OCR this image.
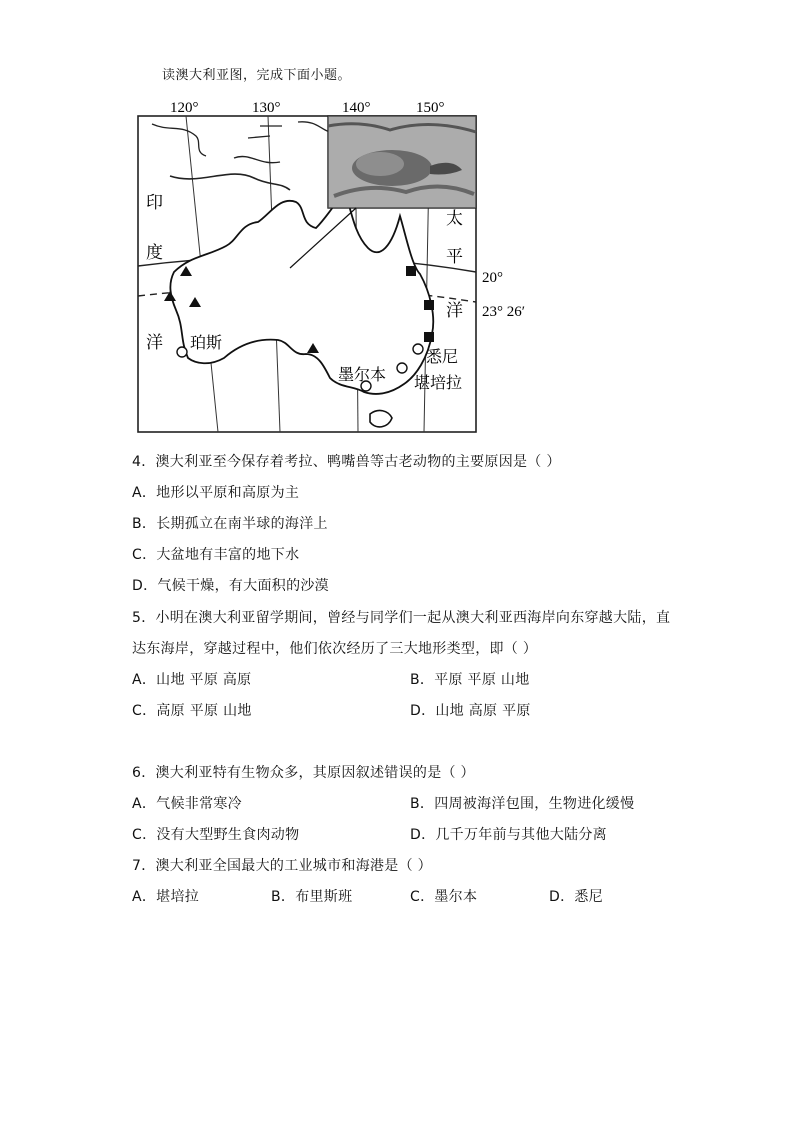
读澳大利亚图，完成下面小题。
120°	130°	140°	150°
印
度
洋
太
平
洋
20°
23° 26′
珀斯
悉尼
堪培拉
墨尔本
4．澳大利亚至今保存着考拉、鸭嘴兽等古老动物的主要原因是（ ）
A．地形以平原和高原为主
B．长期孤立在南半球的海洋上
C．大盆地有丰富的地下水
D．气候干燥，有大面积的沙漠
5．小明在澳大利亚留学期间，曾经与同学们一起从澳大利亚西海岸向东穿越大陆，直
达东海岸，穿越过程中，他们依次经历了三大地形类型，即（ ）
A．山地 平原 高原	B．平原 平原 山地
C．高原 平原 山地	D．山地 高原 平原
6．澳大利亚特有生物众多，其原因叙述错误的是（ ）
A．气候非常寒冷	B．四周被海洋包围，生物进化缓慢
C．没有大型野生食肉动物	D．几千万年前与其他大陆分离
7．澳大利亚全国最大的工业城市和海港是（ ）
A．堪培拉	B．布里斯班	C．墨尔本	D．悉尼
